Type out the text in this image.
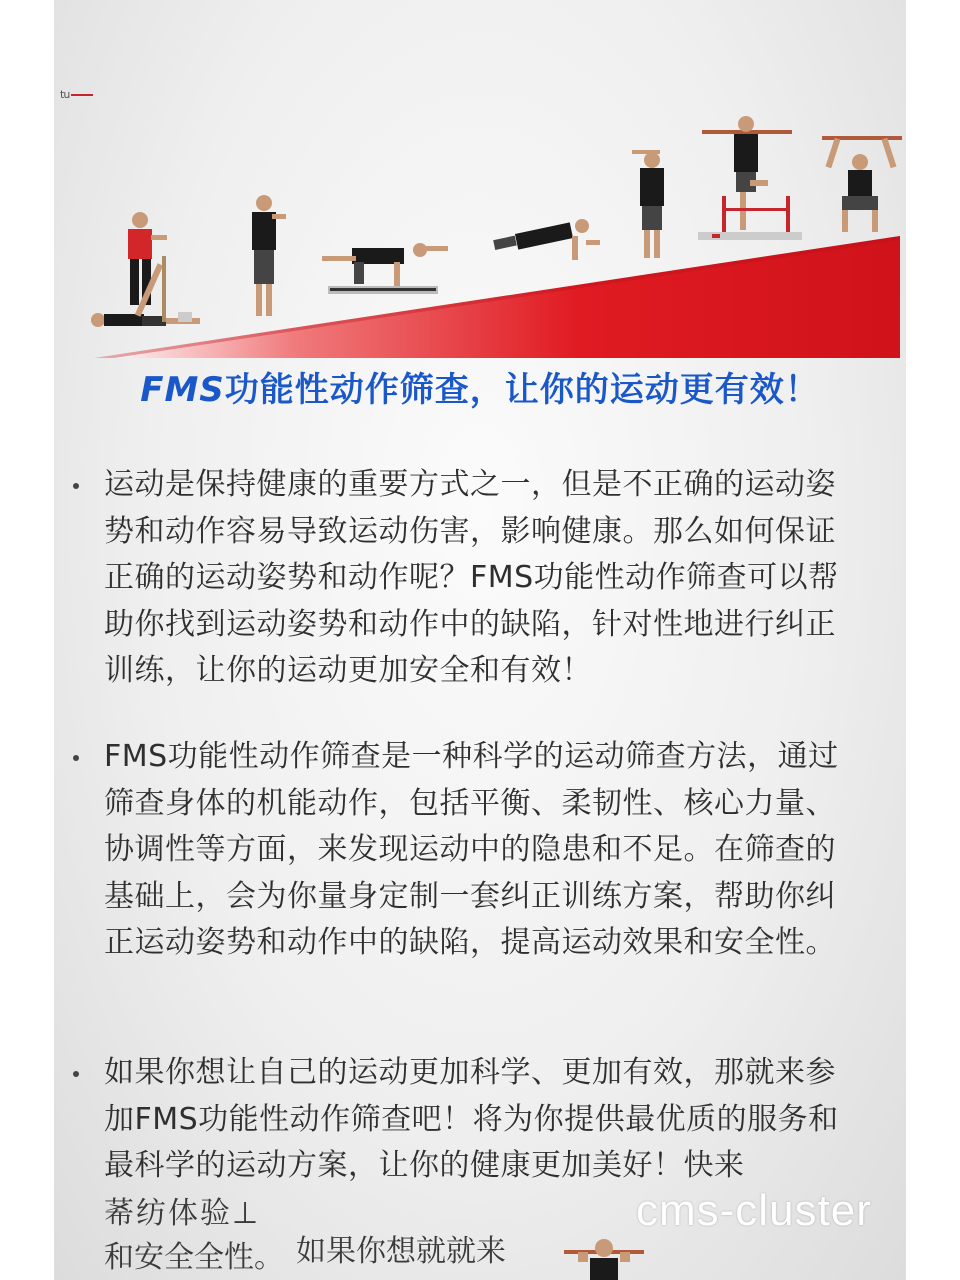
tu
FMS功能性动作筛查，让你的运动更有效！
运动是保持健康的重要方式之一，但是不正确的运动姿势和动作容易导致运动伤害，影响健康。那么如何保证正确的运动姿势和动作呢？FMS功能性动作筛查可以帮助你找到运动姿势和动作中的缺陷，针对性地进行纠正训练，让你的运动更加安全和有效！
FMS功能性动作筛查是一种科学的运动筛查方法，通过筛查身体的机能动作，包括平衡、柔韧性、核心力量、协调性等方面，来发现运动中的隐患和不足。在筛查的基础上，会为你量身定制一套纠正训练方案，帮助你纠正运动姿势和动作中的缺陷，提高运动效果和安全性。
如果你想让自己的运动更加科学、更加有效，那就来参加FMS功能性动作筛查吧！将为你提供最优质的服务和最科学的运动方案，让你的健康更加美好！快来
莃纺体验⊥
和安全全性。 如果你想就就来
cms-cluster
